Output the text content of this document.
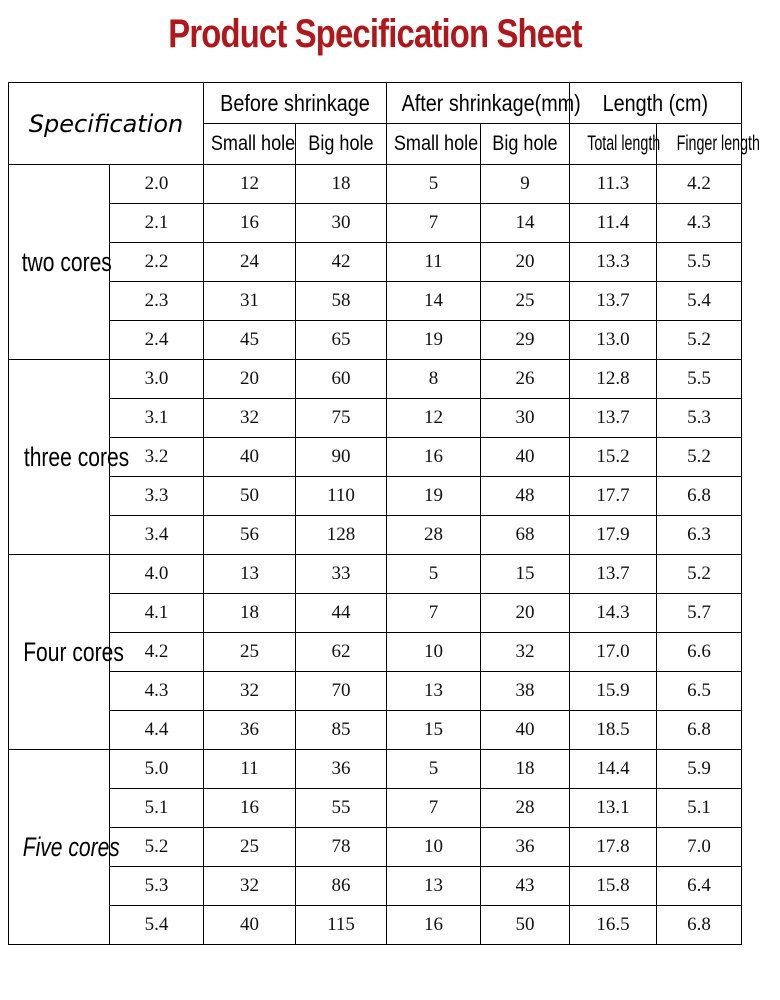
Product Specification Sheet
Specification		Before shrinkage		After shrinkage(mm)		Length (cm)	
		Small hole	Big hole	Small hole	Big hole	Total length	Finger length
two cores	2.0	12	18	5	9	11.3	4.2
	2.1	16	30	7	14	11.4	4.3
	2.2	24	42	11	20	13.3	5.5
	2.3	31	58	14	25	13.7	5.4
	2.4	45	65	19	29	13.0	5.2
three cores	3.0	20	60	8	26	12.8	5.5
	3.1	32	75	12	30	13.7	5.3
	3.2	40	90	16	40	15.2	5.2
	3.3	50	110	19	48	17.7	6.8
	3.4	56	128	28	68	17.9	6.3
Four cores	4.0	13	33	5	15	13.7	5.2
	4.1	18	44	7	20	14.3	5.7
	4.2	25	62	10	32	17.0	6.6
	4.3	32	70	13	38	15.9	6.5
	4.4	36	85	15	40	18.5	6.8
Five cores	5.0	11	36	5	18	14.4	5.9
	5.1	16	55	7	28	13.1	5.1
	5.2	25	78	10	36	17.8	7.0
	5.3	32	86	13	43	15.8	6.4
	5.4	40	115	16	50	16.5	6.8
